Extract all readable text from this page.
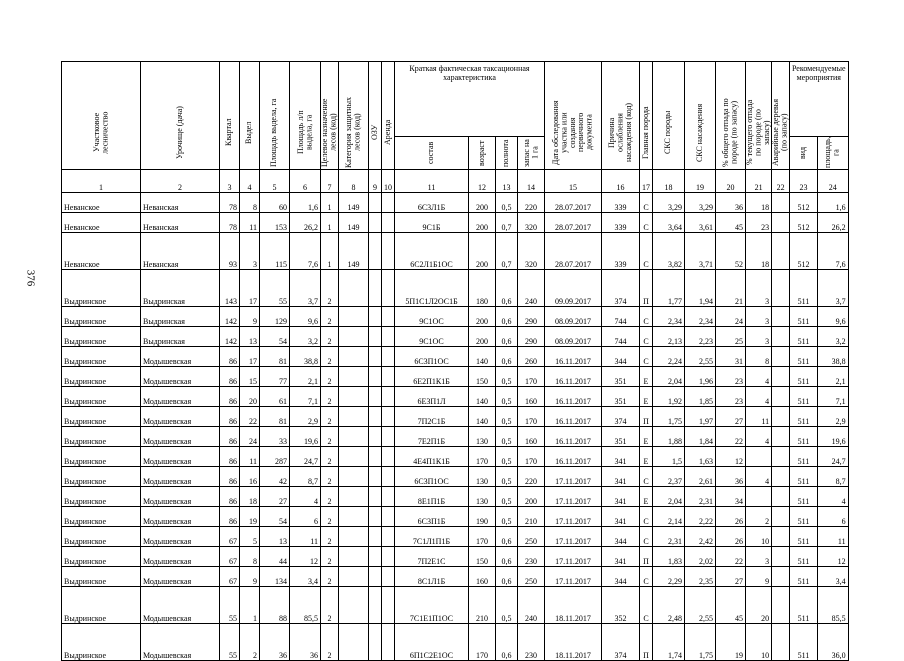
376
Участковое лесничество	Урочище (дача)	Квартал	Выдел	Площадь выдела, га	Площадь л/п выдела, га	Целевое назначение лесов (код)	Категория защитных лесов (код)	ОЗУ	Аренда	Краткая фактическая таксационная характеристика				Дата обследования участка или создания первичного документа	Причина ослабления насаждения (код)	Главная порода	СКС породы	СКС насаждения	% общего отпада по породе (по запасу)	% текущего отпада по породе (по запасу)	Аварийные деревья (по запасу)	Рекомендуемые мероприятия	

										состав	возраст	полнота	запас на 1 га									вид	площадь, га

1	2	3	4	5	6	7	8	9	10	11	12	13	14	15	16	17	18	19	20	21	22	23	24
Неванское	Неванская	78	8	60	1,6	1	149			6С3Л1Б	200	0,5	220	28.07.2017	339	С	3,29	3,29	36	18		512	1,6
Неванское	Неванская	78	11	153	26,2	1	149			9С1Б	200	0,7	320	28.07.2017	339	С	3,64	3,61	45	23		512	26,2
Неванское	Неванская	93	3	115	7,6	1	149			6С2Л1Б1ОС	200	0,7	320	28.07.2017	339	С	3,82	3,71	52	18		512	7,6
Выдринское	Выдринская	143	17	55	3,7	2				5П1С1Л2ОС1Б	180	0,6	240	09.09.2017	374	П	1,77	1,94	21	3		511	3,7
Выдринское	Выдринская	142	9	129	9,6	2				9С1ОС	200	0,6	290	08.09.2017	744	С	2,34	2,34	24	3		511	9,6
Выдринское	Выдринская	142	13	54	3,2	2				9С1ОС	200	0,6	290	08.09.2017	744	С	2,13	2,23	25	3		511	3,2
Выдринское	Модышевская	86	17	81	38,8	2				6С3П1ОС	140	0,6	260	16.11.2017	344	С	2,24	2,55	31	8		511	38,8
Выдринское	Модышевская	86	15	77	2,1	2				6Е2П1К1Б	150	0,5	170	16.11.2017	351	Е	2,04	1,96	23	4		511	2,1
Выдринское	Модышевская	86	20	61	7,1	2				6Е3П1Л	140	0,5	160	16.11.2017	351	Е	1,92	1,85	23	4		511	7,1
Выдринское	Модышевская	86	22	81	2,9	2				7П2С1Б	140	0,5	170	16.11.2017	374	П	1,75	1,97	27	11		511	2,9
Выдринское	Модышевская	86	24	33	19,6	2				7Е2П1Б	130	0,5	160	16.11.2017	351	Е	1,88	1,84	22	4		511	19,6
Выдринское	Модышевская	86	11	287	24,7	2				4Е4П1К1Б	170	0,5	170	16.11.2017	341	Е	1,5	1,63	12			511	24,7
Выдринское	Модышевская	86	16	42	8,7	2				6С3П1ОС	130	0,5	220	17.11.2017	341	С	2,37	2,61	36	4		511	8,7
Выдринское	Модышевская	86	18	27	4	2				8Е1П1Б	130	0,5	200	17.11.2017	341	Е	2,04	2,31	34			511	4
Выдринское	Модышевская	86	19	54	6	2				6С3П1Б	190	0,5	210	17.11.2017	341	С	2,14	2,22	26	2		511	6
Выдринское	Модышевская	67	5	13	11	2				7С1Л1П1Б	170	0,6	250	17.11.2017	344	С	2,31	2,42	26	10		511	11
Выдринское	Модышевская	67	8	44	12	2				7П2Е1С	150	0,6	230	17.11.2017	341	П	1,83	2,02	22	3		511	12
Выдринское	Модышевская	67	9	134	3,4	2				8С1Л1Б	160	0,6	250	17.11.2017	344	С	2,29	2,35	27	9		511	3,4
Выдринское	Модышевская	55	1	88	85,5	2				7С1Е1П1ОС	210	0,5	240	18.11.2017	352	С	2,48	2,55	45	20		511	85,5
Выдринское	Модышевская	55	2	36	36	2				6П1С2Е1ОС	170	0,6	230	18.11.2017	374	П	1,74	1,75	19	10		511	36,0
